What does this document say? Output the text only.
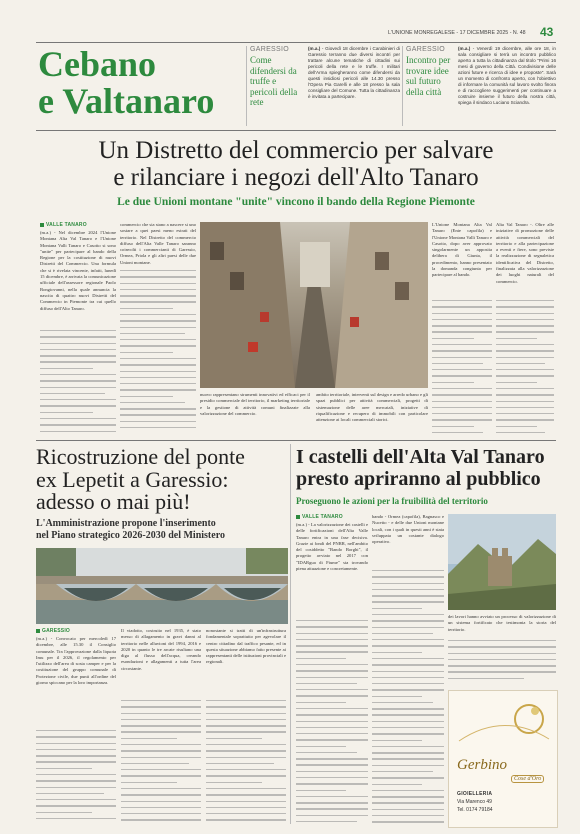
L'UNIONE MONREGALESE - 17 DICEMBRE 2025 - N. 48 43
Cebano
e Valtanaro
GARESSIO
Come difendersi da truffe e pericoli della rete
(m.a.) - Giovedì 18 dicembre i Carabinieri di Garessio terranno due diversi incontri per trattare alcune tematiche di cittadini sui pericoli della rete e le truffe. I militari dell'Arma spiegheranno come difendersi da questi insidiosi pericoli alle 14.30 presso l'Opera Pia Garelli e alle 18 presso la sala consigliare del Comune. Tutta la cittadinanza è invitata a partecipare.
GARESSIO
Incontro per trovare idee sul futuro della città
(m.a.) - Venerdì 19 dicembre, alle ore 18, in sala consigliare si terrà un incontro pubblico aperto a tutta la cittadinanza dal titolo "Primi 16 mesi di governo della Città. Condivisione delle azioni future e ricerca di idee e proposte". Sarà un momento di confronto aperto, con l'obiettivo di informare la comunità sul lavoro svolto finora e di raccogliere suggerimenti per continuare a costruire insieme il futuro della nostra città, spiega il sindaco Luciano Sciandra.
Un Distretto del commercio per salvare
e rilanciare i negozi dell'Alto Tanaro
Le due Unioni montane "unite" vincono il bando della Regione Piemonte
VALLE TANARO
(m.a.) - Nel dicembre 2024 l'Unione Montana Alta Val Tanaro e l'Unione Montana Valli Tanaro e Casotto si sono "unite" per partecipare al bando della Regione per la costituzione di nuovi Distretti del Commercio. Una formula che si è rivelata vincente, infatti, lunedì 15 dicembre, è arrivata la comunicazione ufficiale dell'assessore regionale Paolo Bongiovanni, nella quale annuncia la nascita di quattro nuovi Distretti del Commercio in Piemonte tra cui quello diffuso dell'Alto Tanaro.
commercio che sia stano a nascere si uno sostare a quei paesi meno estrati del territorio. Nel Distretto del commercio diffuso dell'Alta Valle Tanaro saranno coinvolti i commercianti di Garessio, Ormea, Priola e gli altri paesi delle due Unioni montane.
nuovo rappresentano strumenti innovativi ed efficaci per il presidio commerciale del territorio, il marketing territoriale e la gestione di attività comuni finalizzate alla valorizzazione del commercio.
ambito territoriale, interventi sul design e arredo urbano e gli spazi pubblici per attività commerciali, progetti di sistemazione delle aree mercatali, iniziative di riqualificazione e recupero di immobili con particolare attenzione ai locali commerciali storici.
L'Unione Montana Alta Val Tanaro (Ente capofila) e l'Unione Montana Valli Tanaro e Casotto, dopo aver approvato singolarmente un apposita delibera di Giunta, il procedimento, hanno presentato la domanda congiunta per partecipare al bando.
Alta Val Tanaro -. Oltre alle iniziative di promozione delle attività commerciali del territorio e alla partecipazione a eventi e fiere, sono previste la realizzazione di segnaletica identificativa del Distretto, finalizzata alla valorizzazione dei luoghi naturali del commercio.
Ricostruzione del ponte
ex Lepetit a Garessio:
adesso o mai più!
L'Amministrazione propone l'inserimento
nel Piano strategico 2026-2030 del Ministero
GARESSIO
(m.a.) - Convocato per mercoledì 17 dicembre, alle 15.30 il Consiglio comunale. Tra l'approvazione dalla liquota Imu per il 2026, il regolamento per l'utilizzo dell'area di sosta camper e per la costituzione del gruppo comunale di Protezione civile, due punti all'ordine del giorno spiccano per la loro importanza.
Il viadotto, costruito nel 1935, è stato messo di allagamento in gravi danni al territorio nelle alluvioni del 1994, 2016 e 2020 in quanto le tre arcate risultano una diga al flusso dell'acqua, creando esondazioni e allagamenti a tutta l'area circostante.
nonostante si tratti di un'infrastruttura fondamentale soprattutto per agevolare il centro cittadino dal traffico pesante, ed in questa situazione abbiamo fatto presente ai rappresentanti delle istituzioni provinciali e regionali.
I castelli dell'Alta Val Tanaro
presto apriranno al pubblico
Proseguono le azioni per la fruibilità del territorio
VALLE TANARO
(m.a.) - La valorizzazione dei castelli e delle fortificazioni dell'Alta Valle Tanaro entra in una fase decisiva. Grazie ai fondi del PNRR, nell'ambito del cosiddetto "Bando Borghi", il progetto avviato nel 2017 con "IDARgua di Fiume" sta trovando piena attuazione e concretamente.
bando - Ormea (capofila), Bagnasco e Nucetto - e delle due Unioni montane locali, con i quali in questi anni è stata sviluppata un costante dialogo operativo.
dei lavori hanno avviato un processo di valorizzazione di un sistema fortificato che testimonia la storia del territorio.
Gerbino
Cose d'Oro
GIOIELLERIA
Via Marenco 49
Tel. 0174 79184
